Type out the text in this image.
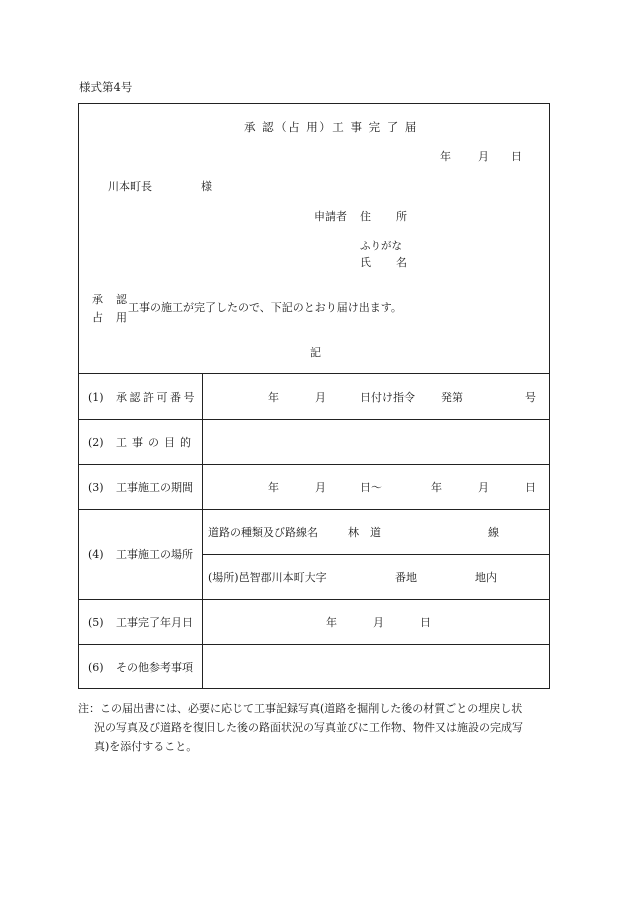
様式第4号
承 認（占 用）工 事 完 了 届
年 月 日
川本町長	様
申請者 住 所
ふりがな
氏 名
承 認
占 用
工事の施工が完了したので、下記のとおり届け出ます。
記
(1) 承認許可番号	年	月	日付け指令 発第	号
(2) 工事の目的
(3) 工事施工の期間	年	月	日〜	年	月	日
(4) 工事施工の場所
道路の種類及び路線名	林　道	線
(場所)邑智郡川本町大字	番地	地内
(5) 工事完了年月日	年	月	日
(6) その他参考事項
注： この届出書には、必要に応じて工事記録写真(道路を掘削した後の材質ごとの埋戻し状
況の写真及び道路を復旧した後の路面状況の写真並びに工作物、物件又は施設の完成写
真)を添付すること。
